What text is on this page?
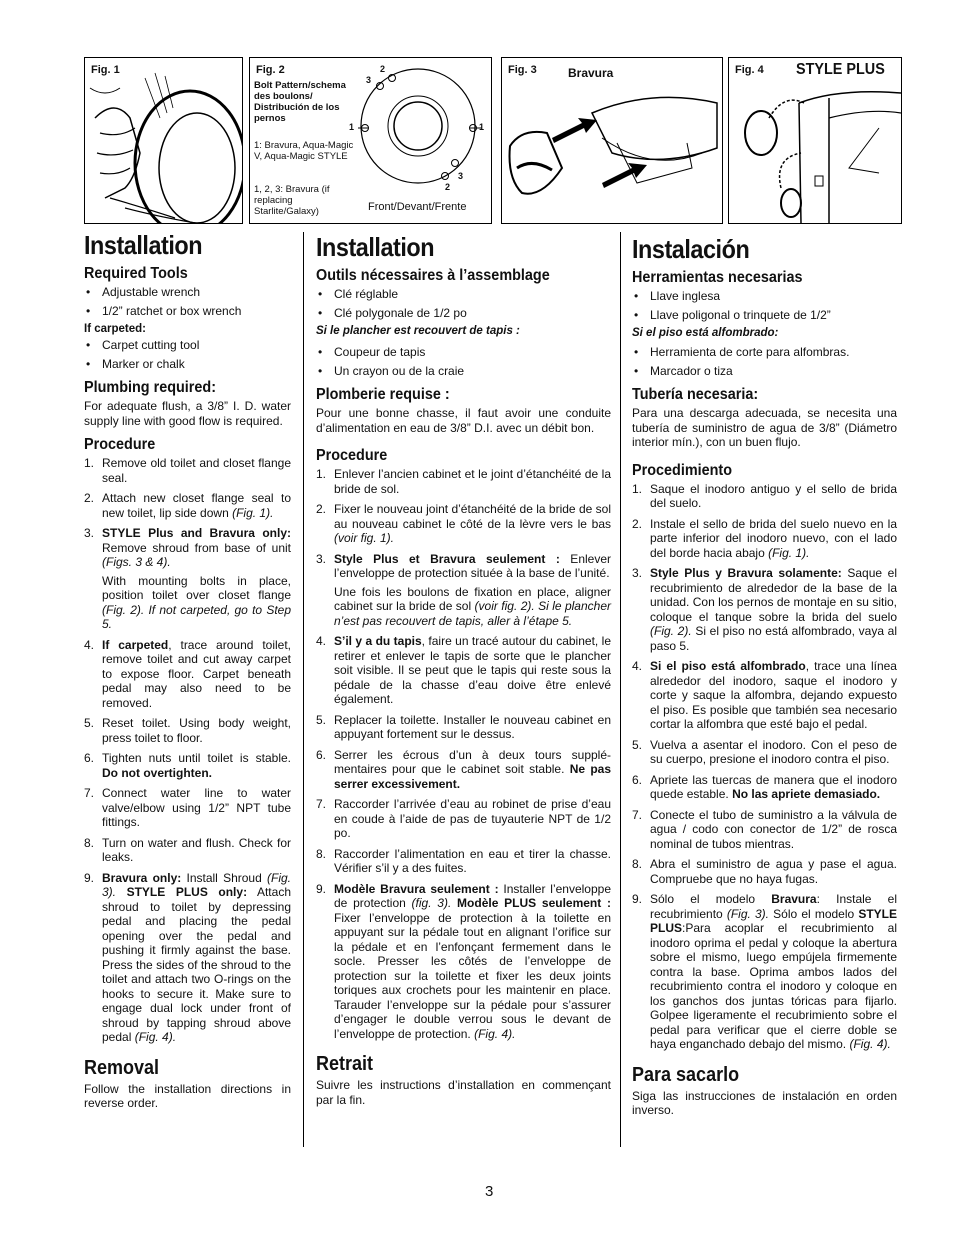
Fig. 1	Fig. 2
Bolt Pattern/schema des boulons/ Distribución de los pernos
1: Bravura, Aqua-Magic V, Aqua-Magic STYLE
1, 2, 3: Bravura (if replacing Starlite/Galaxy)
1	1
3
2
3
2
Front/Devant/Frente
Fig. 3	Bravura	Fig. 4 STYLE PLUS
Installation
Required Tools
• Adjustable wrench
• 1/2” ratchet or box wrench
If carpeted:
• Carpet cutting tool
• Marker or chalk
Plumbing required:

For adequate flush, a 3/8” I. D. water supply line with good flow is required.

Procedure
1. Remove old toilet and closet flange seal.
2. Attach new closet flange seal to new toilet, lip side down (Fig. 1).
3. STYLE Plus and Bravura only: Remove shroud from base of unit (Figs. 3 & 4).
With mounting bolts in place, position toilet over closet flange (Fig. 2). If not carpeted, go to Step 5.
4. If carpeted, trace around toilet, remove toilet and cut away carpet to expose floor. Carpet beneath pedal may also need to be removed.
5. Reset toilet. Using body weight, press toilet to floor.
6. Tighten nuts until toilet is stable. Do not overtighten.
7. Connect water line to water valve/elbow using 1/2” NPT tube fittings.
8. Turn on water and flush. Check for leaks.
9. Bravura only: Install Shroud (Fig. 3). STYLE PLUS only: Attach shroud to toilet by depressing pedal and placing the pedal opening over the pedal and pushing it firmly against the base. Press the sides of the shroud to the toilet and attach two O-rings on the hooks to secure it. Make sure to engage dual lock under front of shroud by tapping shroud above pedal (Fig. 4).
Removal

Follow the installation directions in reverse order.

Installation
Outils nécessaires à l’assemblage
• Clé réglable
• Clé polygonale de 1/2 po
Si le plancher est recouvert de tapis :
• Coupeur de tapis
• Un crayon ou de la craie
Plomberie requise :

Pour une bonne chasse, il faut avoir une conduite d’alimentation en eau de 3/8” D.I. avec un débit bon.

Procedure
1. Enlever l’ancien cabinet et le joint d’étanchéité de la bride de sol.
2. Fixer le nouveau joint d’étanchéité de la bride de sol au nouveau cabinet le côté de la lèvre vers le bas (voir fig. 1).
3. Style Plus et Bravura seulement : Enlever l’enveloppe de protection située à la base de l’unité.
Une fois les boulons de fixation en place, aligner cabinet sur la bride de sol (voir fig. 2). Si le plancher n’est pas recouvert de tapis, aller à l’étape 5.
4. S’il y a du tapis, faire un tracé autour du cabinet, le retirer et enlever le tapis de sorte que le plancher soit visible. Il se peut que le tapis qui reste sous la pédale de la chasse d’eau doive être enlevé également.
5. Replacer la toilette. Installer le nouveau cabinet en appuyant fortement sur le dessus.
6. Serrer les écrous d’un à deux tours supplé-mentaires pour que le cabinet soit stable. Ne pas serrer excessivement.
7. Raccorder l’arrivée d’eau au robinet de prise d’eau en coude à l’aide de pas de tuyauterie NPT de 1/2 po.
8. Raccorder l’alimentation en eau et tirer la chasse. Vérifier s’il y a des fuites.
9. Modèle Bravura seulement : Installer l’enveloppe de protection (fig. 3). Modèle PLUS seulement : Fixer l’enveloppe de protection à la toilette en appuyant sur la pédale tout en alignant l’orifice sur la pédale et en l’enfonçant fermement dans le socle. Presser les côtés de l’enveloppe de protection sur la toilette et fixer les deux joints toriques aux crochets pour les maintenir en place. Tarauder l’enveloppe sur la pédale pour s’assurer d’engager le double verrou sous le devant de l’enveloppe de protection. (Fig. 4).
Retrait

Suivre les instructions d’installation en commençant par la fin.

Instalación
Herramientas necesarias
• Llave inglesa
• Llave poligonal o trinquete de 1/2”
Si el piso está alfombrado:
• Herramienta de corte para alfombras.
• Marcador o tiza
Tubería necesaria:

Para una descarga adecuada, se necesita una tubería de suministro de agua de 3/8” (Diámetro interior mín.), con un buen flujo.

Procedimiento
1. Saque el inodoro antiguo y el sello de brida del suelo.
2. Instale el sello de brida del suelo nuevo en la parte inferior del inodoro nuevo, con el lado del borde hacia abajo (Fig. 1).
3. Style Plus y Bravura solamente: Saque el recubrimiento de alrededor de la base de la unidad. Con los pernos de montaje en su sitio, coloque el tanque sobre la brida del suelo (Fig. 2). Si el piso no está alfombrado, vaya al paso 5.
4. Si el piso está alfombrado, trace una línea alrededor del inodoro, saque el inodoro y corte y saque la alfombra, dejando expuesto el piso. Es posible que también sea necesario cortar la alfombra que esté bajo el pedal.
5. Vuelva a asentar el inodoro. Con el peso de su cuerpo, presione el inodoro contra el piso.
6. Apriete las tuercas de manera que el inodoro quede estable. No las apriete demasiado.
7. Conecte el tubo de suministro a la válvula de agua / codo con conector de 1/2” de rosca nominal de tubos mientras.
8. Abra el suministro de agua y pase el agua. Compruebe que no haya fugas.
9. Sólo el modelo Bravura: Instale el recubrimiento (Fig. 3). Sólo el modelo STYLE PLUS:Para acoplar el recubrimiento al inodoro oprima el pedal y coloque la abertura sobre el mismo, luego empújela firmemente contra la base. Oprima ambos lados del recubrimiento contra el inodoro y coloque en los ganchos dos juntas tóricas para fijarlo. Golpee ligeramente el recubrimiento sobre el pedal para verificar que el cierre doble se haya enganchado debajo del mismo. (Fig. 4).
Para sacarlo

Siga las instrucciones de instalación en orden inverso.

3
